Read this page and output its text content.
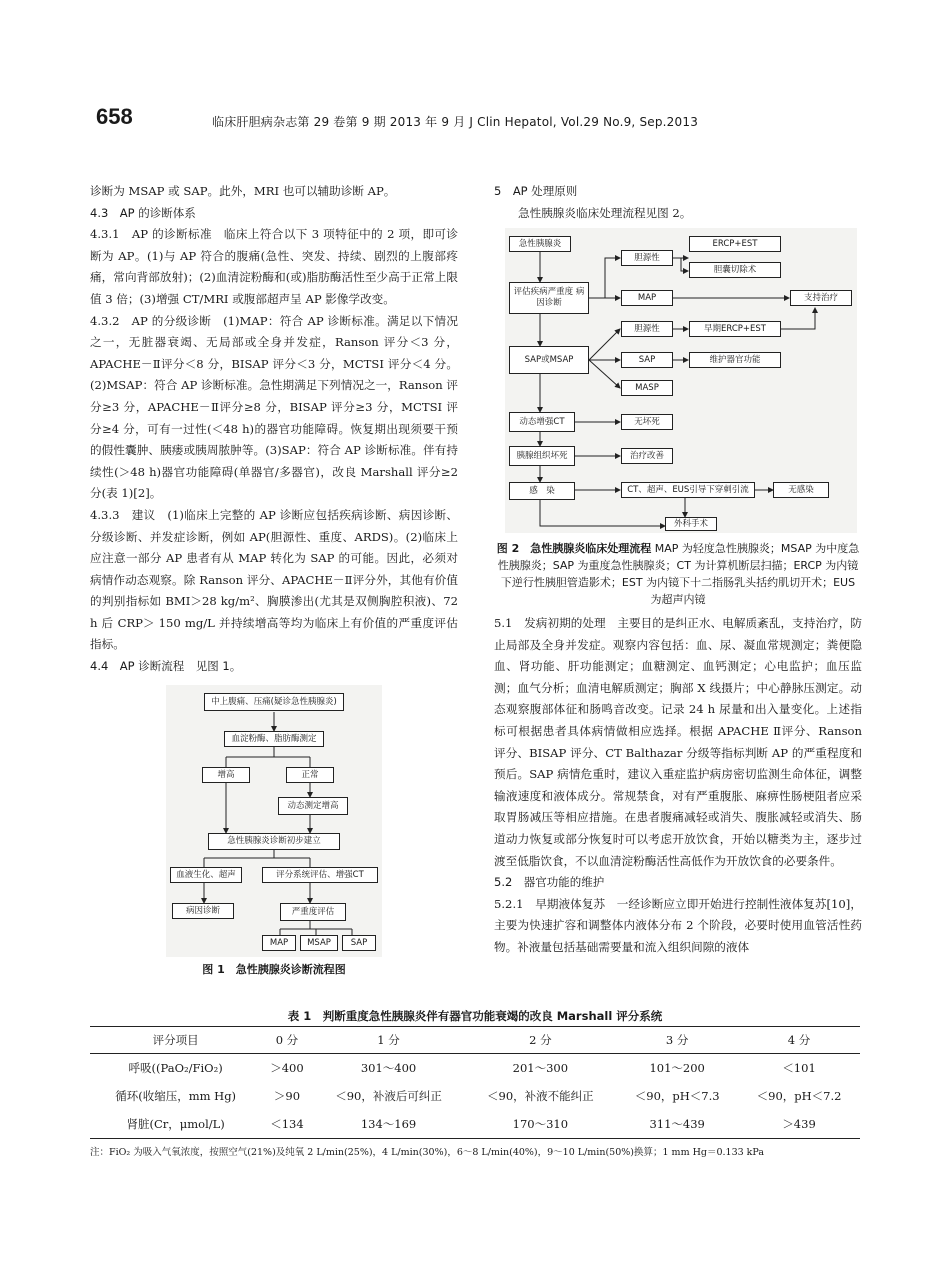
658	临床肝胆病杂志第 29 卷第 9 期 2013 年 9 月 J Clin Hepatol, Vol.29 No.9, Sep.2013

诊断为 MSAP 或 SAP。此外，MRI 也可以辅助诊断 AP。

4.3　AP 的诊断体系

4.3.1　AP 的诊断标准　临床上符合以下 3 项特征中的 2 项，即可诊断为 AP。(1)与 AP 符合的腹痛(急性、突发、持续、剧烈的上腹部疼痛，常向背部放射)；(2)血清淀粉酶和(或)脂肪酶活性至少高于正常上限值 3 倍；(3)增强 CT/MRI 或腹部超声呈 AP 影像学改变。

4.3.2　AP 的分级诊断　(1)MAP：符合 AP 诊断标准。满足以下情况之一，无脏器衰竭、无局部或全身并发症，Ranson 评分＜3 分，APACHE－Ⅱ评分＜8 分，BISAP 评分＜3 分，MCTSI 评分＜4 分。(2)MSAP：符合 AP 诊断标准。急性期满足下列情况之一，Ranson 评分≥3 分，APACHE－Ⅱ评分≥8 分，BISAP 评分≥3 分，MCTSI 评分≥4 分，可有一过性(＜48 h)的器官功能障碍。恢复期出现须要干预的假性囊肿、胰瘘或胰周脓肿等。(3)SAP：符合 AP 诊断标准。伴有持续性(＞48 h)器官功能障碍(单器官/多器官)，改良 Marshall 评分≥2 分(表 1)[2]。

4.3.3　建议　(1)临床上完整的 AP 诊断应包括疾病诊断、病因诊断、分级诊断、并发症诊断，例如 AP(胆源性、重度、ARDS)。(2)临床上应注意一部分 AP 患者有从 MAP 转化为 SAP 的可能。因此，必须对病情作动态观察。除 Ranson 评分、APACHE－Ⅱ评分外，其他有价值的判别指标如 BMI＞28 kg/m²、胸膜渗出(尤其是双侧胸腔积液)、72 h 后 CRP＞ 150 mg/L 并持续增高等均为临床上有价值的严重度评估指标。

4.4　AP 诊断流程　见图 1。

中上腹痛、压痛(疑诊急性胰腺炎)
血淀粉酶、脂肪酶测定
增高	正常
动态测定增高
急性胰腺炎诊断初步建立
血液生化、超声	评分系统评估、增强CT
病因诊断	严重度评估
MAP	MSAP	SAP
图 1　急性胰腺炎诊断流程图

5　AP 处理原则

急性胰腺炎临床处理流程见图 2。

急性胰腺炎
评估疾病严重度 病因诊断
胆源性
ERCP+EST
胆囊切除术
MAP	支持治疗
胆源性	早期ERCP+EST
SAP或MSAP	SAP	维护器官功能
MASP
动态增强CT	无坏死
胰腺组织坏死	治疗改善
感　染	CT、超声、EUS引导下穿刺引流	无感染
外科手术
图 2　急性胰腺炎临床处理流程 MAP 为轻度急性胰腺炎；MSAP 为中度急性胰腺炎；SAP 为重度急性胰腺炎；CT 为计算机断层扫描；ERCP 为内镜下逆行性胰胆管造影术；EST 为内镜下十二指肠乳头括约肌切开术；EUS 为超声内镜

5.1　发病初期的处理　主要目的是纠正水、电解质紊乱，支持治疗，防止局部及全身并发症。观察内容包括：血、尿、凝血常规测定；粪便隐血、肾功能、肝功能测定；血糖测定、血钙测定；心电监护；血压监测；血气分析；血清电解质测定；胸部 X 线摄片；中心静脉压测定。动态观察腹部体征和肠鸣音改变。记录 24 h 尿量和出入量变化。上述指标可根据患者具体病情做相应选择。根据 APACHE Ⅱ评分、Ranson 评分、BISAP 评分、CT Balthazar 分级等指标判断 AP 的严重程度和预后。SAP 病情危重时，建议入重症监护病房密切监测生命体征，调整输液速度和液体成分。常规禁食，对有严重腹胀、麻痹性肠梗阻者应采取胃肠减压等相应措施。在患者腹痛减轻或消失、腹胀减轻或消失、肠道动力恢复或部分恢复时可以考虑开放饮食，开始以糖类为主，逐步过渡至低脂饮食，不以血清淀粉酶活性高低作为开放饮食的必要条件。

5.2　器官功能的维护

5.2.1　早期液体复苏　一经诊断应立即开始进行控制性液体复苏[10]，主要为快速扩容和调整体内液体分布 2 个阶段，必要时使用血管活性药物。补液量包括基础需要量和流入组织间隙的液体

表 1　判断重度急性胰腺炎伴有器官功能衰竭的改良 Marshall 评分系统
评分项目	0 分	1 分	2 分	3 分	4 分
呼吸((PaO₂/FiO₂)	＞400	301～400	201～300	101～200	＜101
循环(收缩压，mm Hg)	＞90	＜90，补液后可纠正	＜90，补液不能纠正	＜90，pH＜7.3	＜90，pH＜7.2
肾脏(Cr，μmol/L)	＜134	134～169	170～310	311～439	＞439
注：FiO₂ 为吸入气氧浓度，按照空气(21%)及纯氧 2 L/min(25%)，4 L/min(30%)，6～8 L/min(40%)，9～10 L/min(50%)换算；1 mm Hg＝0.133 kPa
